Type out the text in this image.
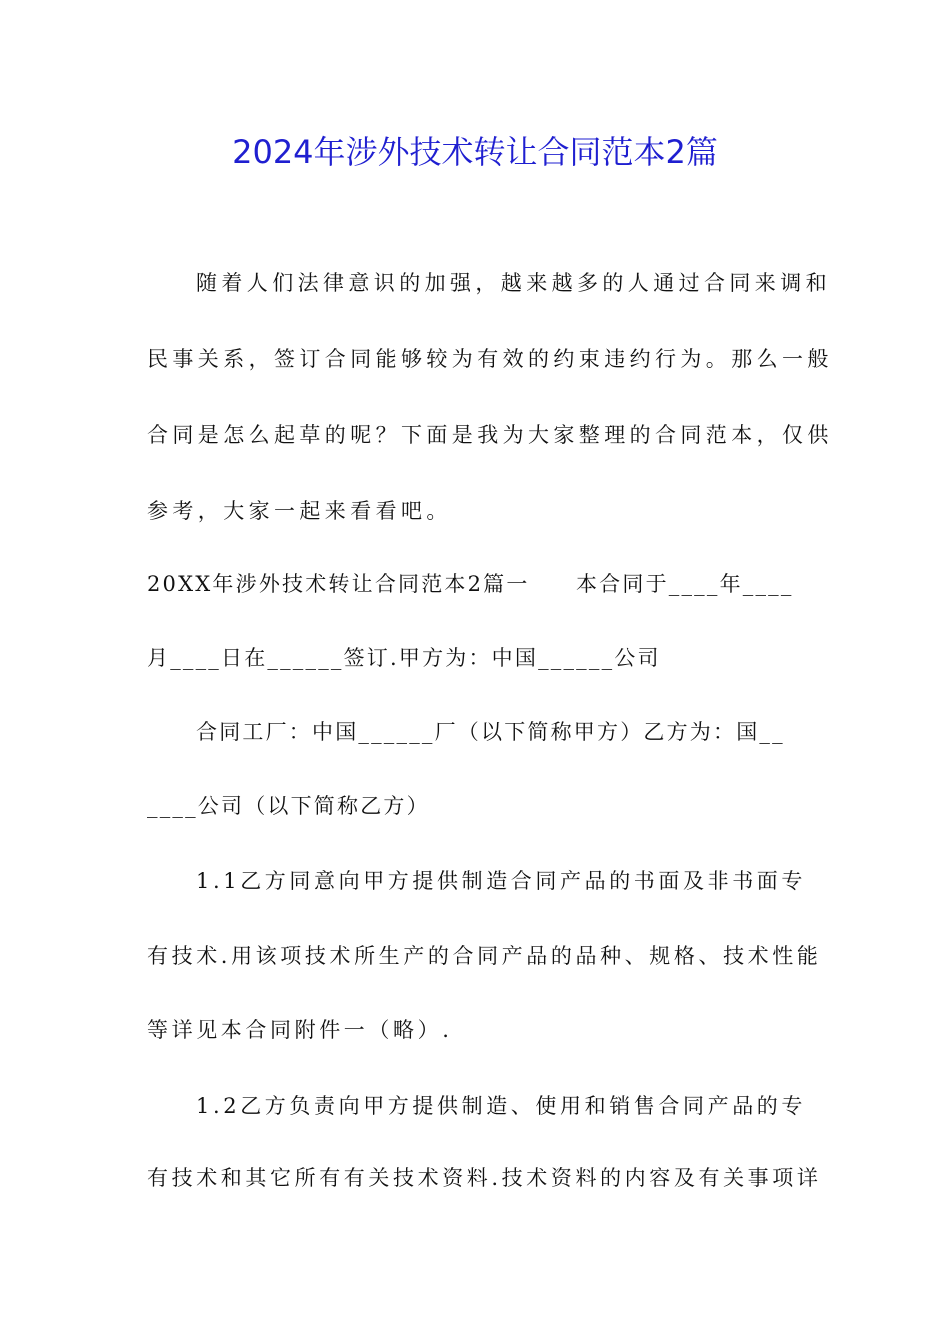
2024年涉外技术转让合同范本2篇

随着人们法律意识的加强，越来越多的人通过合同来调和

民事关系，签订合同能够较为有效的约束违约行为。那么一般

合同是怎么起草的呢？下面是我为大家整理的合同范本，仅供

参考，大家一起来看看吧。

20XX年涉外技术转让合同范本2篇一　　本合同于____年____

月____日在______签订.甲方为：中国______公司

合同工厂：中国______厂（以下简称甲方）乙方为：国__

____公司（以下简称乙方）

1.1乙方同意向甲方提供制造合同产品的书面及非书面专

有技术.用该项技术所生产的合同产品的品种、规格、技术性能

等详见本合同附件一（略）.

1.2乙方负责向甲方提供制造、使用和销售合同产品的专

有技术和其它所有有关技术资料.技术资料的内容及有关事项详
